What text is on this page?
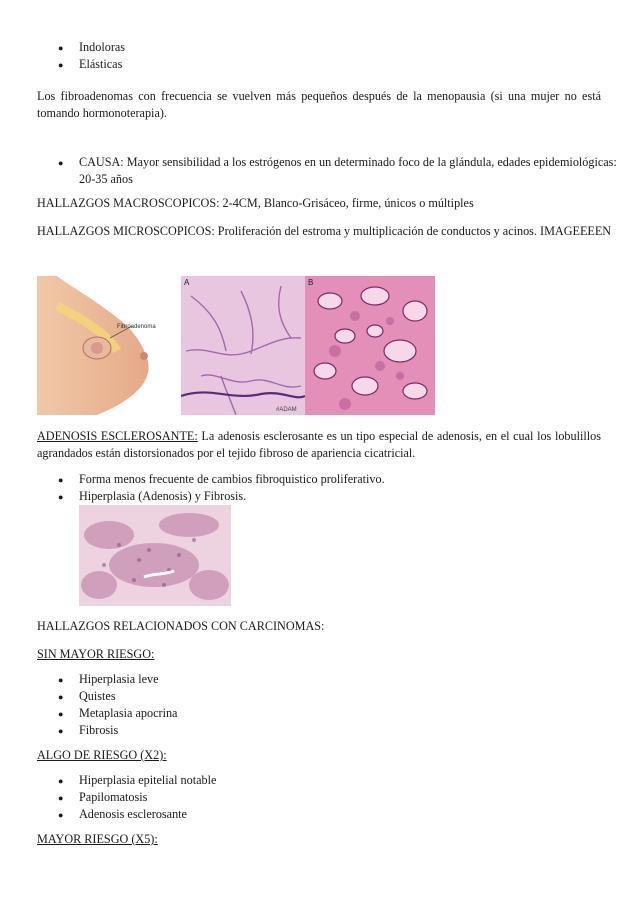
● Indoloras
● Elásticas
Los fibroadenomas con frecuencia se vuelven más pequeños después de la menopausia (si una mujer no está tomando hormonoterapia).
● CAUSA: Mayor sensibilidad a los estrógenos en un determinado foco de la glándula, edades epidemiológicas:
20-35 años
HALLAZGOS MACROSCOPICOS: 2-4CM, Blanco-Grisáceo, firme, únicos o múltiples
HALLAZGOS MICROSCOPICOS: Proliferación del estroma y multiplicación de conductos y acinos. IMAGEEEEN
Fibroadenoma
A
#ADAM
B
ADENOSIS ESCLEROSANTE: La adenosis esclerosante es un tipo especial de adenosis, en el cual los lobulillos agrandados están distorsionados por el tejido fibroso de apariencia cicatricial.
● Forma menos frecuente de cambios fibroquistico proliferativo.
● Hiperplasia (Adenosis) y Fibrosis.
HALLAZGOS RELACIONADOS CON CARCINOMAS:
SIN MAYOR RIESGO:
● Hiperplasia leve
● Quistes
● Metaplasia apocrina
● Fibrosis
ALGO DE RIESGO (X2):
● Hiperplasia epitelial notable
● Papilomatosis
● Adenosis esclerosante
MAYOR RIESGO (X5):
